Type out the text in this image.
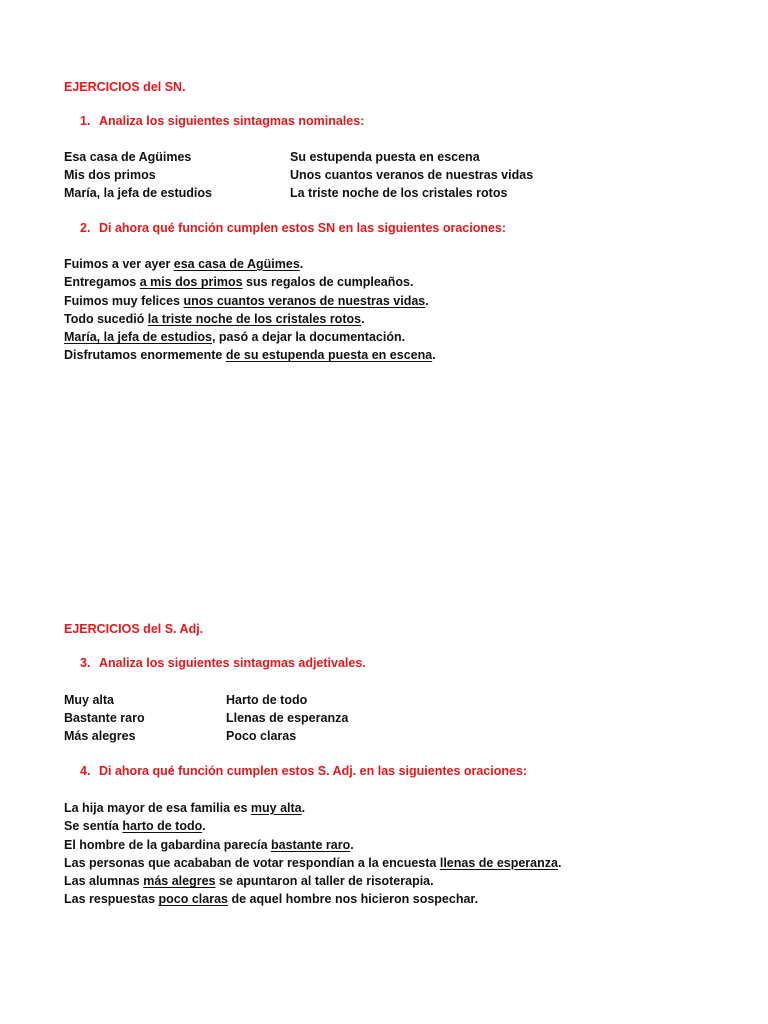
EJERCICIOS del SN.
1. Analiza los siguientes sintagmas nominales:
Esa casa de Agüimes	Su estupenda puesta en escena
Mis dos primos	Unos cuantos veranos de nuestras vidas
María, la jefa de estudios	La triste noche de los cristales rotos
2. Di ahora qué función cumplen estos SN en las siguientes oraciones:
Fuimos a ver ayer esa casa de Agüimes.
Entregamos a mis dos primos sus regalos de cumpleaños.
Fuimos muy felices unos cuantos veranos de nuestras vidas.
Todo sucedió la triste noche de los cristales rotos.
María, la jefa de estudios, pasó a dejar la documentación.
Disfrutamos enormemente de su estupenda puesta en escena.
EJERCICIOS del S. Adj.
3. Analiza los siguientes sintagmas adjetivales.
Muy alta	Harto de todo
Bastante raro	Llenas de esperanza
Más alegres	Poco claras
4. Di ahora qué función cumplen estos S. Adj. en las siguientes oraciones:
La hija mayor de esa familia es muy alta.
Se sentía harto de todo.
El hombre de la gabardina parecía bastante raro.
Las personas que acababan de votar respondían a la encuesta llenas de esperanza.
Las alumnas más alegres se apuntaron al taller de risoterapia.
Las respuestas poco claras de aquel hombre nos hicieron sospechar.
